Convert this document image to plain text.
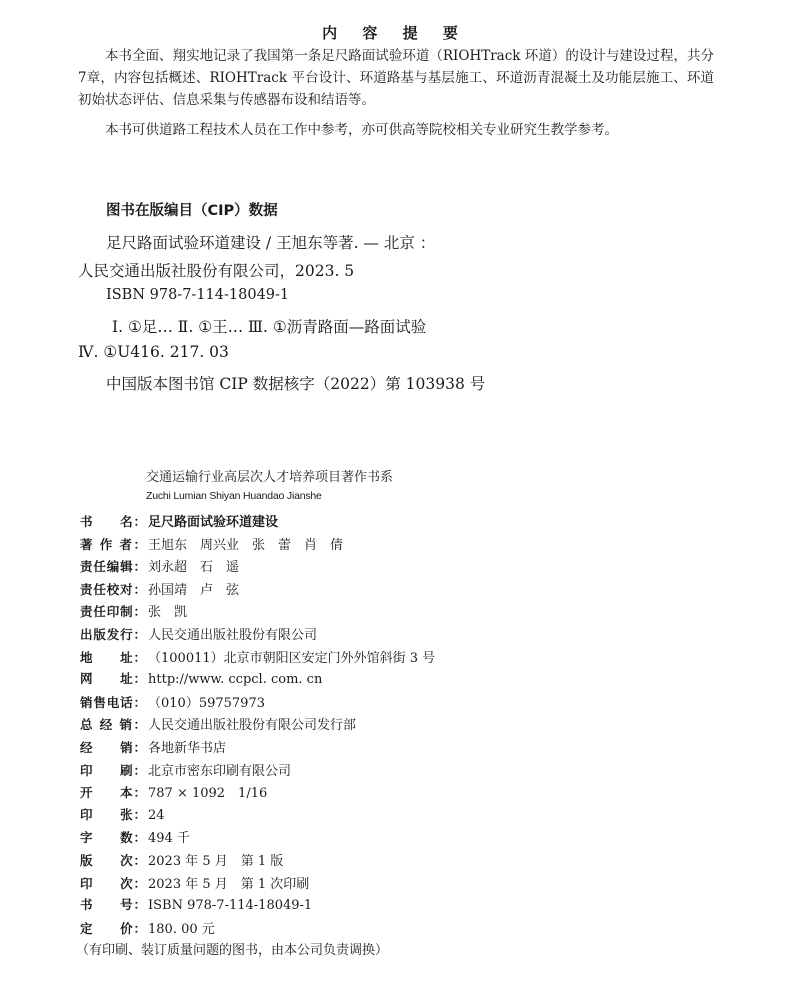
内 容 提 要
本书全面、翔实地记录了我国第一条足尺路面试验环道（RIOHTrack 环道）的设计与建设过程，共分7章，内容包括概述、RIOHTrack 平台设计、环道路基与基层施工、环道沥青混凝土及功能层施工、环道初始状态评估、信息采集与传感器布设和结语等。
本书可供道路工程技术人员在工作中参考，亦可供高等院校相关专业研究生教学参考。
图书在版编目（CIP）数据
足尺路面试验环道建设 / 王旭东等著. — 北京 ：
人民交通出版社股份有限公司，2023. 5
ISBN 978-7-114-18049-1
Ⅰ. ①足… Ⅱ. ①王… Ⅲ. ①沥青路面—路面试验
Ⅳ. ①U416. 217. 03
中国版本图书馆 CIP 数据核字（2022）第 103938 号
交通运输行业高层次人才培养项目著作书系
Zuchi Lumian Shiyan Huandao Jianshe
书　　名： 足尺路面试验环道建设
著 作 者： 王旭东　周兴业　张　蕾　肖　倩
责任编辑： 刘永超　石　遥
责任校对： 孙国靖　卢　弦
责任印制： 张　凯
出版发行： 人民交通出版社股份有限公司
地　　址： （100011）北京市朝阳区安定门外外馆斜街 3 号
网　　址： http://www. ccpcl. com. cn
销售电话： （010）59757973
总 经 销： 人民交通出版社股份有限公司发行部
经　　销： 各地新华书店
印　　刷： 北京市密东印刷有限公司
开　　本： 787 × 1092　1/16
印　　张： 24
字　　数： 494 千
版　　次： 2023 年 5 月　第 1 版
印　　次： 2023 年 5 月　第 1 次印刷
书　　号： ISBN 978-7-114-18049-1
定　　价： 180. 00 元
（有印刷、装订质量问题的图书，由本公司负责调换）
